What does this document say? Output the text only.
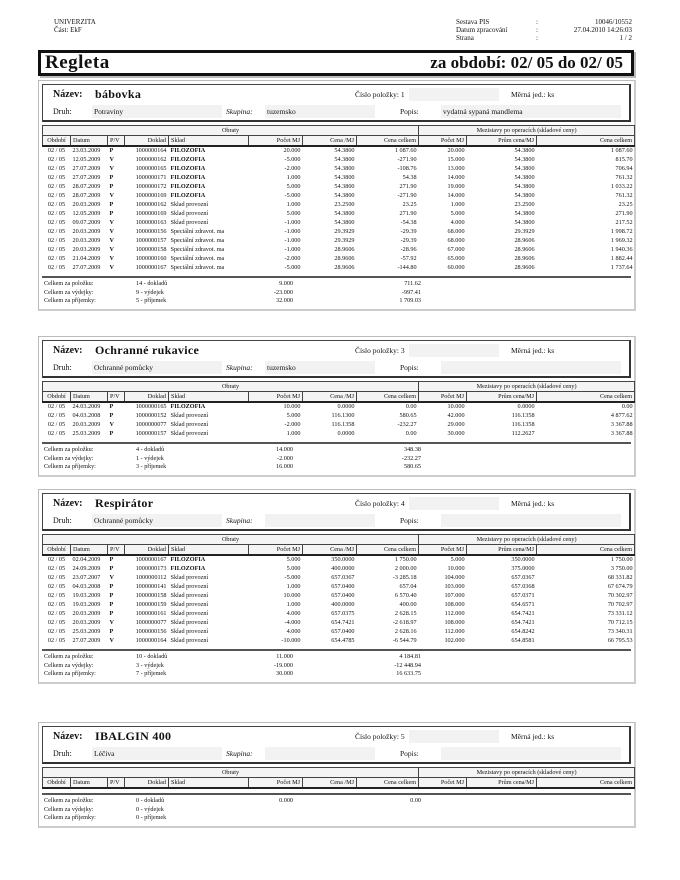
UNIVERZITA
Část: EkF
Sestava PIS	:	10046/10552
Datum zpracování	:	27.04.2010 14:26:03
Strana	:	1 / 2
Regleta	za období: 02/ 05 do 02/ 05
Název: bábovka	Číslo položky: 1	Měrná jed.: ks
Druh:	Potraviny	Skupina: tuzemsko	Popis:	vydatná sypaná mandlema
Obraty								Mezistavy po operacích (skladové ceny)		
Období	Datum	P/V	Doklad	Sklad	Počet MJ	Cena /MJ	Cena celkem	Počet MJ	Prům cena/MJ	Cena celkem
02 / 05	23.03.2009	P	1000000164	FILOZOFIA	20.000	54.3800	1 087.60	20.000	54.3800	1 087.60
02 / 05	12.05.2009	V	1000000162	FILOZOFIA	-5.000	54.3800	-271.90	15.000	54.3800	815.70
02 / 05	27.07.2009	V	1000000165	FILOZOFIA	-2.000	54.3800	-108.76	13.000	54.3800	706.94
02 / 05	27.07.2009	P	1000000171	FILOZOFIA	1.000	54.3800	54.38	14.000	54.3800	761.32
02 / 05	28.07.2009	P	1000000172	FILOZOFIA	5.000	54.3800	271.90	19.000	54.3800	1 033.22
02 / 05	28.07.2009	V	1000000169	FILOZOFIA	-5.000	54.3800	-271.90	14.000	54.3800	761.32
02 / 05	20.03.2009	P	1000000162	Sklad provozní	1.000	23.2500	23.25	1.000	23.2500	23.25
02 / 05	12.05.2009	P	1000000169	Sklad provozní	5.000	54.3800	271.90	5.000	54.3800	271.90
02 / 05	09.07.2009	V	1000000163	Sklad provozní	-1.000	54.3800	-54.38	4.000	54.3800	217.52
02 / 05	20.03.2009	V	1000000156	Speciální zdravot. ma	-1.000	29.3929	-29.39	68.000	29.3929	1 998.72
02 / 05	20.03.2009	V	1000000157	Speciální zdravot. ma	-1.000	29.3929	-29.39	68.000	28.9606	1 969.32
02 / 05	20.03.2009	V	1000000158	Speciální zdravot. ma	-1.000	28.9606	-28.96	67.000	28.9606	1 940.36
02 / 05	21.04.2009	V	1000000160	Speciální zdravot. ma	-2.000	28.9606	-57.92	65.000	28.9606	1 882.44
02 / 05	27.07.2009	V	1000000167	Speciální zdravot. ma	-5.000	28.9606	-144.80	60.000	28.9606	1 737.64
Celkem za položku:	14 - dokladů	9.000	711.62
Celkem za výdejky:	9 - výdejek	-23.000	-997.41
Celkem za příjemky:	5 - příjemek	32.000	1 709.03
Název: Ochranné rukavice	Číslo položky: 3	Měrná jed.: ks
Druh:	Ochranné pomůcky	Skupina: tuzemsko	Popis:
Obraty								Mezistavy po operacích (skladové ceny)		
Období	Datum	P/V	Doklad	Sklad	Počet MJ	Cena /MJ	Cena celkem	Počet MJ	Prům cena/MJ	Cena celkem
02 / 05	24.03.2009	P	1000000165	FILOZOFIA	10.000	0.0000	0.00	10.000	0.0000	0.00
02 / 05	04.03.2008	P	1000000152	Sklad provozní	5.000	116.1300	580.65	42.000	116.1358	4 877.62
02 / 05	20.03.2009	V	1000000077	Sklad provozní	-2.000	116.1358	-232.27	29.000	116.1358	3 367.88
02 / 05	25.03.2009	P	1000000157	Sklad provozní	1.000	0.0000	0.00	30.000	112.2627	3 367.88
Celkem za položku:	4 - dokladů	14.000	348.38
Celkem za výdejky:	1 - výdejek	-2.000	-232.27
Celkem za příjemky:	3 - příjemek	16.000	580.65
Název: Respirátor	Číslo položky: 4	Měrná jed.: ks
Druh:	Ochranné pomůcky	Skupina:	Popis:
Obraty								Mezistavy po operacích (skladové ceny)		
Období	Datum	P/V	Doklad	Sklad	Počet MJ	Cena /MJ	Cena celkem	Počet MJ	Prům cena/MJ	Cena celkem
02 / 05	02.04.2009	P	1000000167	FILOZOFIA	5.000	350.0000	1 750.00	5.000	350.0000	1 750.00
02 / 05	24.09.2009	P	1000000173	FILOZOFIA	5.000	400.0000	2 000.00	10.000	375.0000	3 750.00
02 / 05	23.07.2007	V	1000000112	Sklad provozní	-5.000	657.0367	-3 285.18	104.000	657.0367	68 331.82
02 / 05	04.03.2008	P	1000000141	Sklad provozní	1.000	657.0400	657.04	103.000	657.0368	67 674.79
02 / 05	19.03.2009	P	1000000158	Sklad provozní	10.000	657.0400	6 570.40	107.000	657.0371	70 302.97
02 / 05	19.03.2009	P	1000000159	Sklad provozní	1.000	400.0000	400.00	108.000	654.6571	70 702.97
02 / 05	20.03.2009	P	1000000161	Sklad provozní	4.000	657.0375	2 628.15	112.000	654.7421	73 331.12
02 / 05	20.03.2009	V	1000000077	Sklad provozní	-4.000	654.7421	-2 618.97	108.000	654.7421	70 712.15
02 / 05	25.03.2009	P	1000000156	Sklad provozní	4.000	657.0400	2 628.16	112.000	654.8242	73 340.31
02 / 05	27.07.2009	V	1000000164	Sklad provozní	-10.000	654.4785	-6 544.79	102.000	654.8581	66 795.53
Celkem za položku:	10 - dokladů	11.000	4 184.81
Celkem za výdejky:	3 - výdejek	-19.000	-12 448.94
Celkem za příjemky:	7 - příjemek	30.000	16 633.75
Název: IBALGIN 400	Číslo položky: 5	Měrná jed.: ks
Druh:	Léčiva	Skupina:	Popis:
Obraty								Mezistavy po operacích (skladové ceny)		
Období	Datum	P/V	Doklad	Sklad	Počet MJ	Cena /MJ	Cena celkem	Počet MJ	Prům cena/MJ	Cena celkem
Celkem za položku:	0 - dokladů	0.000	0.00
Celkem za výdejky:	0 - výdejek
Celkem za příjemky:	0 - příjemek
